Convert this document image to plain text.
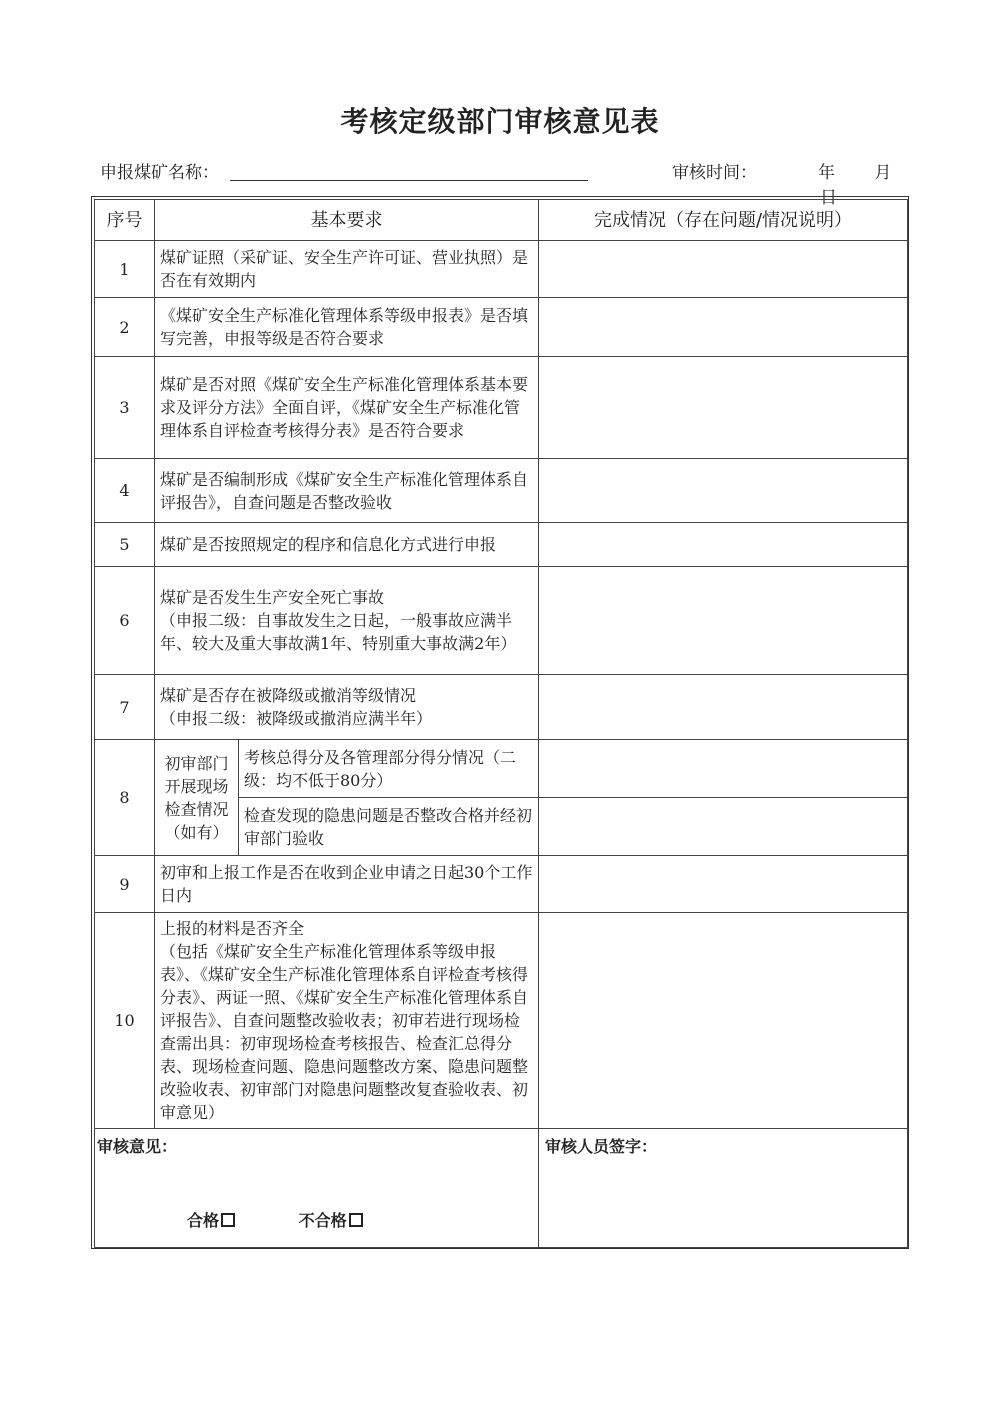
考核定级部门审核意见表
申报煤矿名称：	审核时间：	年 月 日
序号	基本要求		完成情况（存在问题/情况说明）
1	煤矿证照（采矿证、安全生产许可证、营业执照）是否在有效期内		
2	《煤矿安全生产标准化管理体系等级申报表》是否填写完善，申报等级是否符合要求		
3	煤矿是否对照《煤矿安全生产标准化管理体系基本要求及评分方法》全面自评，《煤矿安全生产标准化管理体系自评检查考核得分表》是否符合要求		
4	煤矿是否编制形成《煤矿安全生产标准化管理体系自评报告》，自查问题是否整改验收		
5	煤矿是否按照规定的程序和信息化方式进行申报		
6	煤矿是否发生生产安全死亡事故
（申报二级：自事故发生之日起，一般事故应满半年、较大及重大事故满1年、特别重大事故满2年）		

7	煤矿是否存在被降级或撤消等级情况
（申报二级：被降级或撤消应满半年）		

8	初审部门开展现场检查情况（如有）	考核总得分及各管理部分得分情况（二级：均不低于80分）	
		检查发现的隐患问题是否整改合格并经初审部门验收	
9	初审和上报工作是否在收到企业申请之日起30个工作日内		
10	上报的材料是否齐全
（包括《煤矿安全生产标准化管理体系等级申报表》、《煤矿安全生产标准化管理体系自评检查考核得分表》、两证一照、《煤矿安全生产标准化管理体系自评报告》、自查问题整改验收表；初审若进行现场检查需出具：初审现场检查考核报告、检查汇总得分表、现场检查问题、隐患问题整改方案、隐患问题整改验收表、初审部门对隐患问题整改复查验收表、初审意见）		

审核意见：
合格 不合格			审核人员签字：
